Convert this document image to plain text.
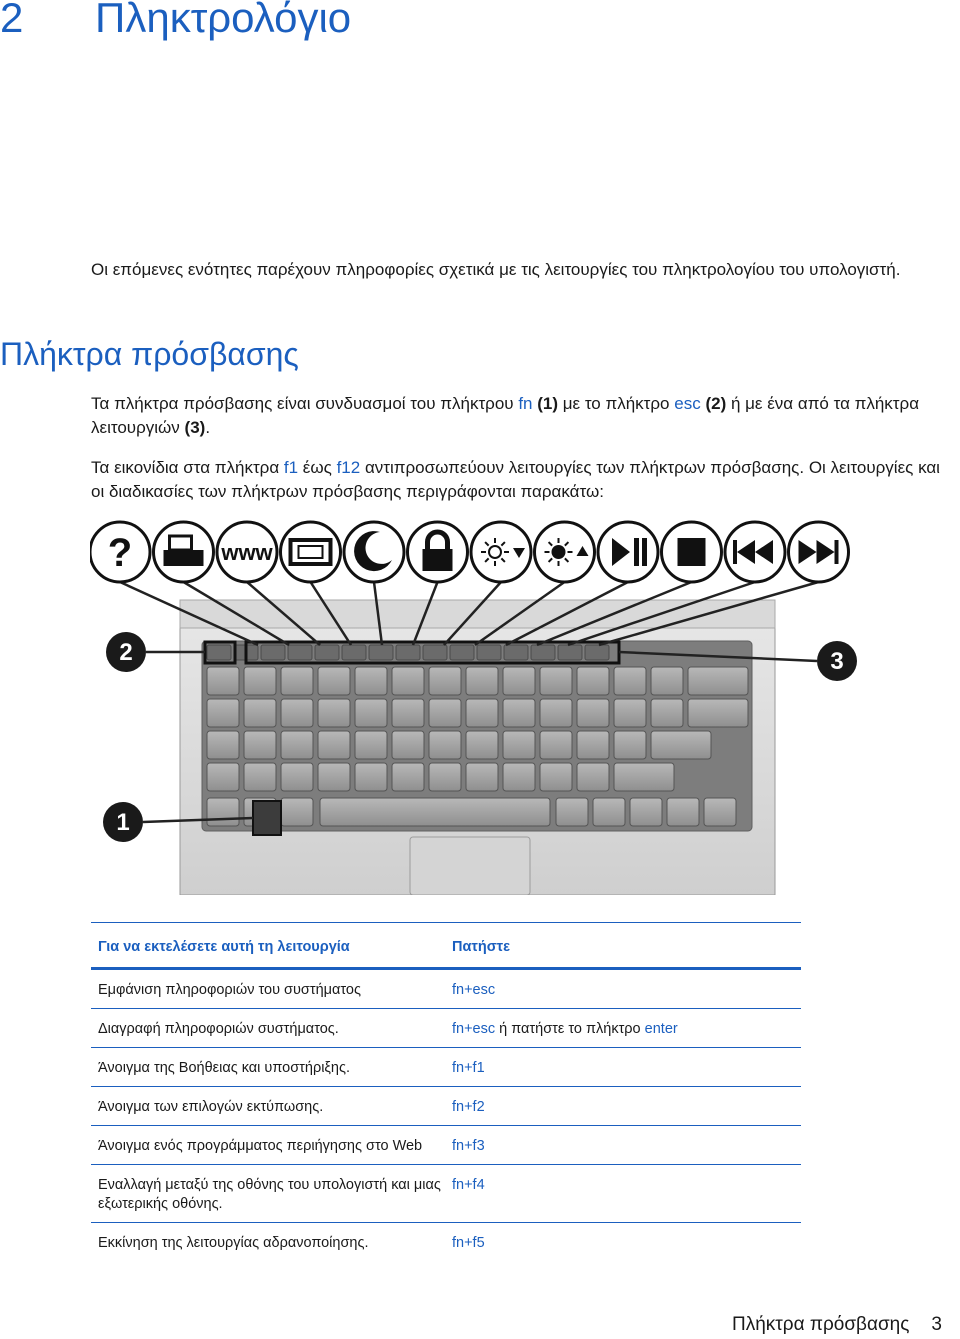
2 Πληκτρολόγιο
Οι επόμενες ενότητες παρέχουν πληροφορίες σχετικά με τις λειτουργίες του πληκτρολογίου του υπολογιστή.
Πλήκτρα πρόσβασης
Τα πλήκτρα πρόσβασης είναι συνδυασμοί του πλήκτρου fn (1) με το πλήκτρο esc (2) ή με ένα από τα πλήκτρα λειτουργιών (3).
Τα εικονίδια στα πλήκτρα f1 έως f12 αντιπροσωπεύουν λειτουργίες των πλήκτρων πρόσβασης. Οι λειτουργίες και οι διαδικασίες των πλήκτρων πρόσβασης περιγράφονται παρακάτω:
?	www
2	3
1
Για να εκτελέσετε αυτή τη λειτουργία	Πατήστε
Εμφάνιση πληροφοριών του συστήματος	fn+esc
Διαγραφή πληροφοριών συστήματος.	fn+esc ή πατήστε το πλήκτρο enter
Άνοιγμα της Βοήθειας και υποστήριξης.	fn+f1
Άνοιγμα των επιλογών εκτύπωσης.	fn+f2
Άνοιγμα ενός προγράμματος περιήγησης στο Web	fn+f3
Εναλλαγή μεταξύ της οθόνης του υπολογιστή και μιας εξωτερικής οθόνης.	fn+f4
Εκκίνηση της λειτουργίας αδρανοποίησης.	fn+f5
Πλήκτρα πρόσβασης 3
